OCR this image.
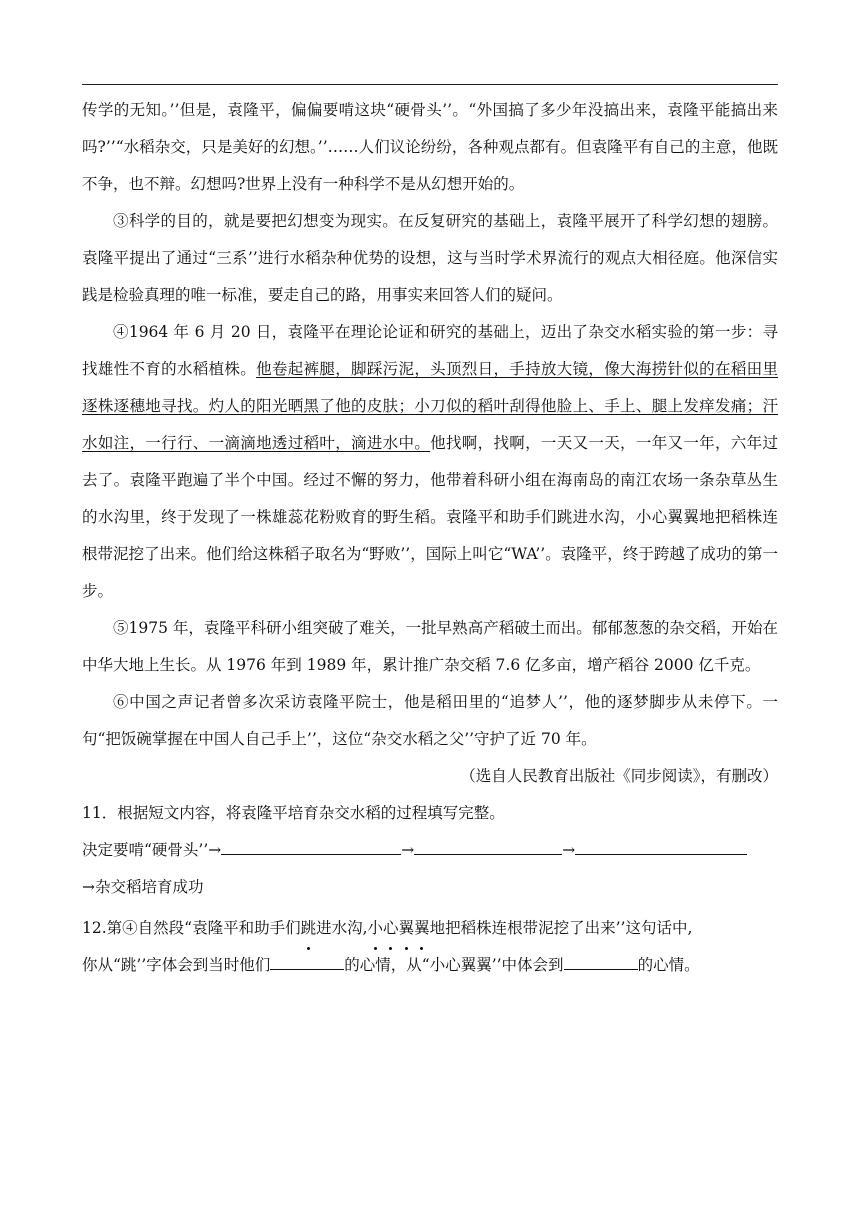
传学的无知。’’但是，袁隆平，偏偏要啃这块“硬骨头’’。“外国搞了多少年没搞出来，袁隆平能搞出来吗?’’“水稻杂交，只是美好的幻想。’’……人们议论纷纷，各种观点都有。但袁隆平有自己的主意，他既不争，也不辩。幻想吗?世界上没有一种科学不是从幻想开始的。

③科学的目的，就是要把幻想变为现实。在反复研究的基础上，袁隆平展开了科学幻想的翅膀。袁隆平提出了通过“三系’’进行水稻杂种优势的设想，这与当时学术界流行的观点大相径庭。他深信实践是检验真理的唯一标准，要走自己的路，用事实来回答人们的疑问。

④1964 年 6 月 20 日，袁隆平在理论论证和研究的基础上，迈出了杂交水稻实验的第一步：寻找雄性不育的水稻植株。他卷起裤腿，脚踩污泥，头顶烈日，手持放大镜，像大海捞针似的在稻田里逐株逐穗地寻找。灼人的阳光晒黑了他的皮肤；小刀似的稻叶刮得他脸上、手上、腿上发痒发痛；汗水如注，一行行、一滴滴地透过稻叶，滴进水中。他找啊，找啊，一天又一天，一年又一年，六年过去了。袁隆平跑遍了半个中国。经过不懈的努力，他带着科研小组在海南岛的南江农场一条杂草丛生的水沟里，终于发现了一株雄蕊花粉败育的野生稻。袁隆平和助手们跳进水沟，小心翼翼地把稻株连根带泥挖了出来。他们给这株稻子取名为“野败’’，国际上叫它“WA’’。袁隆平，终于跨越了成功的第一步。

⑤1975 年，袁隆平科研小组突破了难关，一批早熟高产稻破土而出。郁郁葱葱的杂交稻，开始在中华大地上生长。从 1976 年到 1989 年，累计推广杂交稻 7.6 亿多亩，增产稻谷 2000 亿千克。

⑥中国之声记者曾多次采访袁隆平院士，他是稻田里的“追梦人’’，他的逐梦脚步从未停下。一句“把饭碗掌握在中国人自己手上’’，这位“杂交水稻之父’’守护了近 70 年。

（选自人民教育出版社《同步阅读》，有删改）

11．根据短文内容，将袁隆平培育杂交水稻的过程填写完整。

决定要啃“硬骨头’’→	→	→

→杂交稻培育成功

12.第④自然段“袁隆平和助手们跳进水沟,小心翼翼地把稻株连根带泥挖了出来’’这句话中,

你从“跳’’字体会到当时他们	的心情，从“小心翼翼’’中体会到	的心情。
